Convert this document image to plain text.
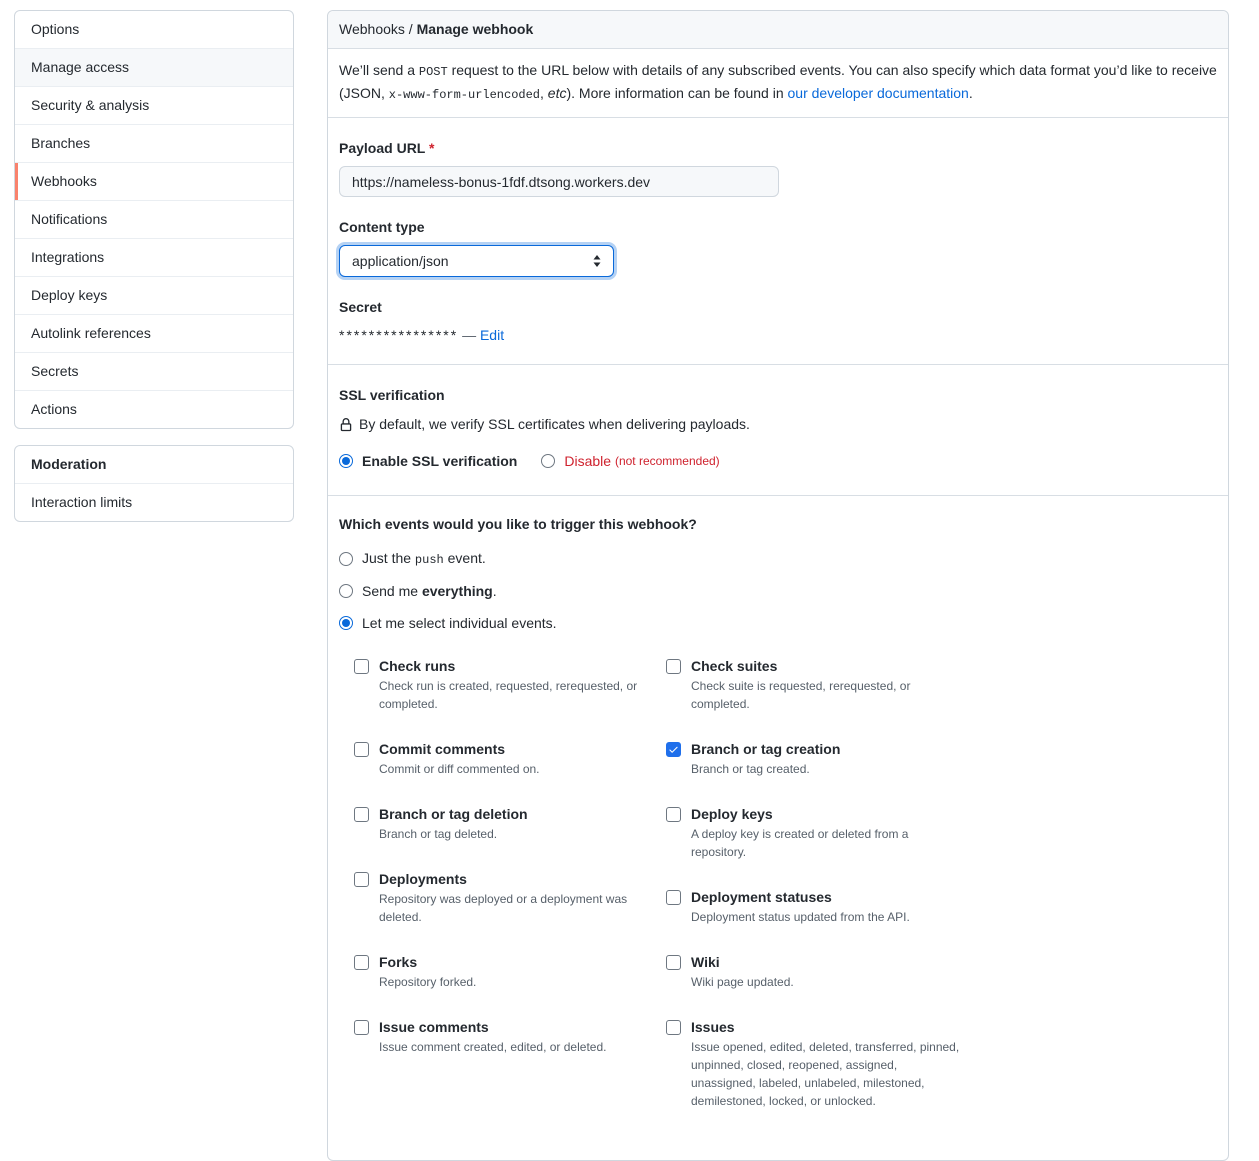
Options
Manage access
Security & analysis
Branches
Webhooks
Notifications
Integrations
Deploy keys
Autolink references
Secrets
Actions
Moderation
Interaction limits
Webhooks / Manage webhook

We’ll send a POST request to the URL below with details of any subscribed events. You can also specify which data format you’d like to receive (JSON, x-www-form-urlencoded, etc). More information can be found in our developer documentation.

Payload URL *
https://nameless-bonus-1fdf.dtsong.workers.dev
Content type
application/json
Secret
**************** — Edit
SSL verification
By default, we verify SSL certificates when delivering payloads.
Enable SSL verification	Disable
(not recommended)
Which events would you like to trigger this webhook?
Just the push event.
Send me everything.
Let me select individual events.
Check runs
Check run is created, requested, rerequested, or completed.
Commit comments
Commit or diff commented on.
Branch or tag deletion
Branch or tag deleted.
Deployments
Repository was deployed or a deployment was deleted.
Forks
Repository forked.
Issue comments
Issue comment created, edited, or deleted.
Check suites
Check suite is requested, rerequested, or completed.
Branch or tag creation
Branch or tag created.
Deploy keys
A deploy key is created or deleted from a repository.
Deployment statuses
Deployment status updated from the API.
Wiki
Wiki page updated.
Issues
Issue opened, edited, deleted, transferred, pinned, unpinned, closed, reopened, assigned, unassigned, labeled, unlabeled, milestoned, demilestoned, locked, or unlocked.
